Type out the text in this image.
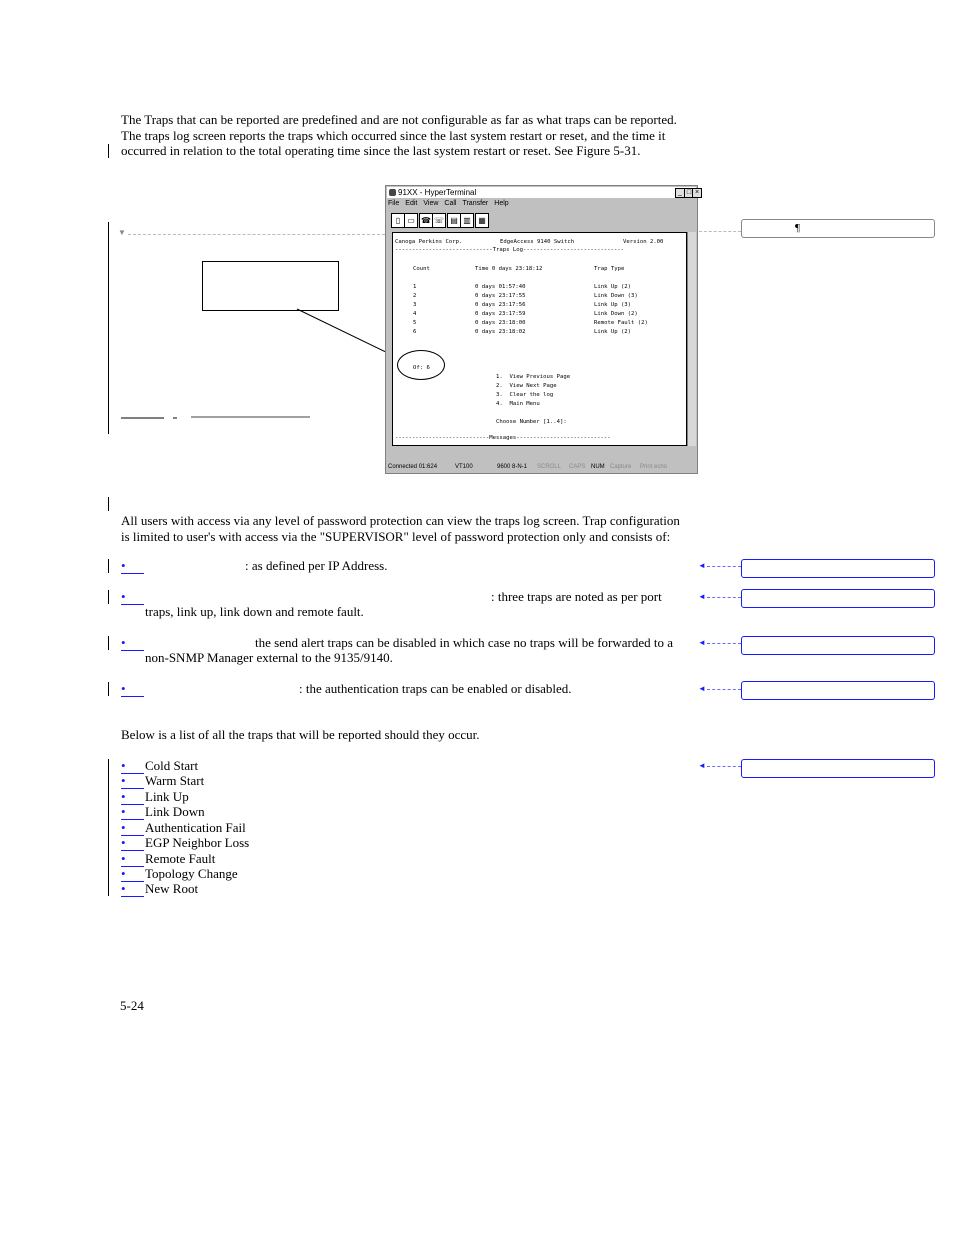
The Traps that can be reported are predefined and are not configurable as far as what traps can be reported.
The traps log screen reports the traps which occurred since the last system restart or reset, and the time it
occurred in relation to the total operating time since the last system restart or reset. See Figure 5-31.
▼	¶
91XX - HyperTerminal	_ □ ×
File Edit View Call Transfer Help
▯ ▭ ☎ ☏ ▤ ▥ ▦
Canoga Perkins Corp.	EdgeAccess 9140 Switch	Version 2.00
-----------------------------Traps Log------------------------------
Count	Time 0 days 23:18:12	Trap Type
1	0 days 01:57:40	Link Up (2)
2	0 days 23:17:55	Link Down (3)
3	0 days 23:17:56	Link Up (3)
4	0 days 23:17:59	Link Down (2)
5	0 days 23:18:00	Remote Fault (2)
6	0 days 23:18:02	Link Up (2)
Of: 6
1.  View Previous Page
2.  View Next Page
3.  Clear the log
4.  Main Menu
Choose Number [1..4]:
----------------------------Messages----------------------------
Connected 01:624	VT100	9600 8-N-1 SCROLL CAPS NUM Capture Print echo
All users with access via any level of password protection can view the traps log screen. Trap configuration
is limited to user's with access via the "SUPERVISOR" level of password protection only and consists of:
•	: as defined per IP Address.	◄
•	: three traps are noted as per port
traps, link up, link down and remote fault.
◄
•	the send alert traps can be disabled in which case no traps will be forwarded to a
non-SNMP Manager external to the 9135/9140.
◄
•	: the authentication traps can be enabled or disabled.	◄
Below is a list of all the traps that will be reported should they occur.
◄
•	Cold Start
•	Warm Start
•	Link Up
•	Link Down
•	Authentication Fail
•	EGP Neighbor Loss
•	Remote Fault
•	Topology Change
•	New Root
5-24
